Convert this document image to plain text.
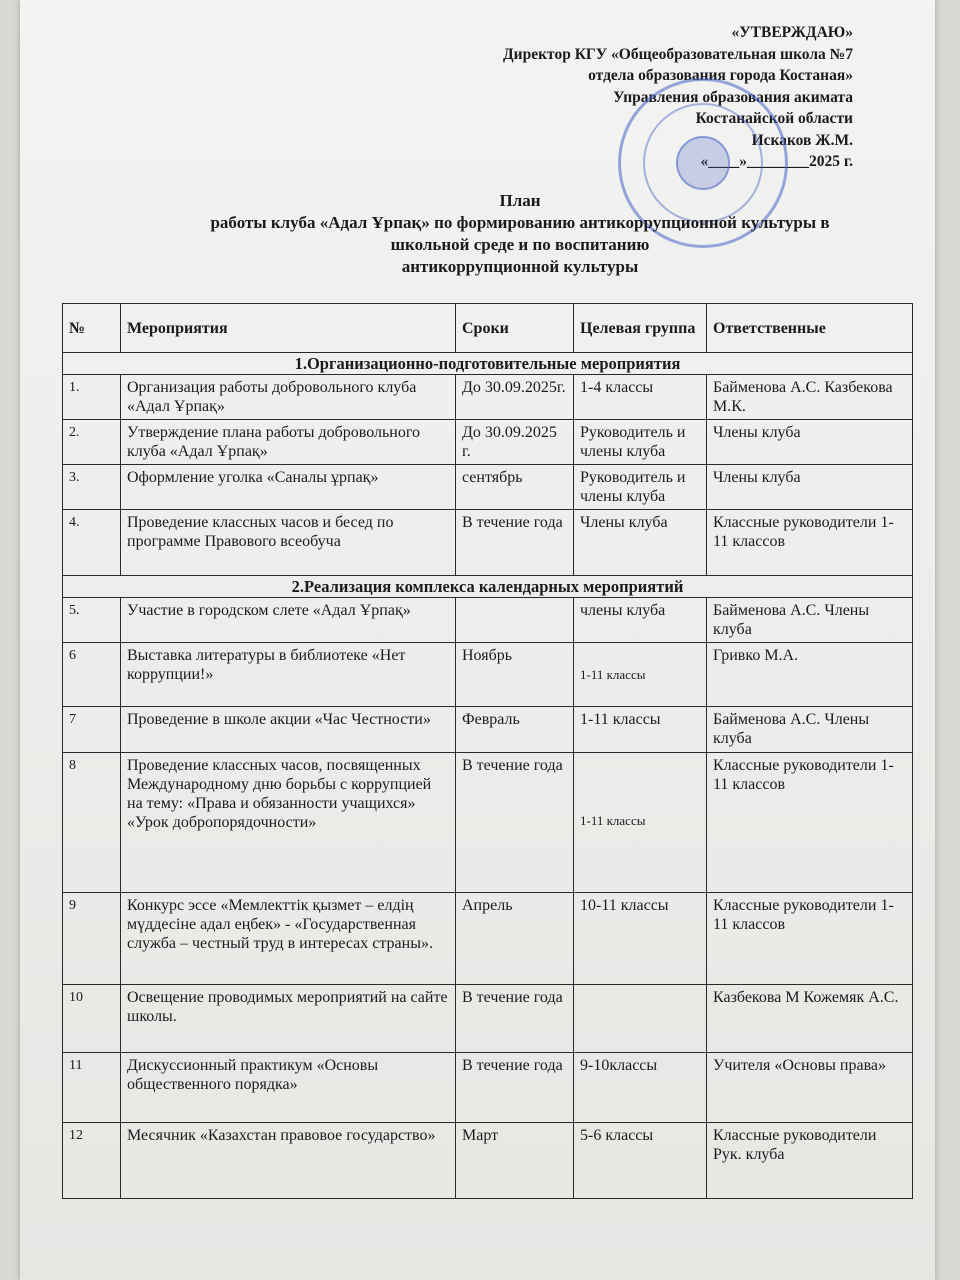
«УТВЕРЖДАЮ»
Директор КГУ «Общеобразовательная школа №7
отдела образования города Костаная»
Управления образования акимата
Костанайской области
Искаков Ж.М.
«____»________2025 г.
План
работы клуба «Адал Ұрпақ» по формированию антикоррупционной культуры в
школьной среде и по воспитанию
антикоррупционной культуры
№	Мероприятия	Сроки	Целевая группа	Ответственные
1.Организационно-подготовительные мероприятия				
1.	Организация работы добровольного клуба «Адал Ұрпақ»	До 30.09.2025г.	1-4 классы	Байменова А.С. Казбекова М.К.
2.	Утверждение плана работы добровольного клуба «Адал Ұрпақ»	До 30.09.2025 г.	Руководитель и члены клуба	Члены клуба
3.	Оформление уголка «Саналы ұрпақ»	сентябрь	Руководитель и члены клуба	Члены клуба
4.	Проведение классных часов и бесед по программе Правового всеобуча	В течение года	Члены клуба	Классные руководители 1-11 классов
2.Реализация комплекса календарных мероприятий				
5.	Участие в городском слете «Адал Ұрпақ»		члены клуба	Байменова А.С. Члены клуба
6	Выставка литературы в библиотеке «Нет коррупции!»	Ноябрь	1-11 классы	Гривко М.А.
7	Проведение в школе акции «Час Честности»	Февраль	1-11 классы	Байменова А.С. Члены клуба
8	Проведение классных часов, посвященных Международному дню борьбы с коррупцией на тему: «Права и обязанности учащихся» «Урок добропорядочности»	В течение года	1-11 классы	Классные руководители 1-11 классов
9	Конкурс эссе «Мемлекттік қызмет – елдің мүддесіне адал еңбек» - «Государственная служба – честный труд в интересах страны».	Апрель	10-11 классы	Классные руководители 1-11 классов
10	Освещение проводимых мероприятий на сайте школы.	В течение года		Казбекова М Кожемяк А.С.
11	Дискуссионный практикум «Основы общественного порядка»	В течение года	9-10классы	Учителя «Основы права»
12	Месячник «Казахстан правовое государство»	Март	5-6 классы	Классные руководители Рук. клуба
